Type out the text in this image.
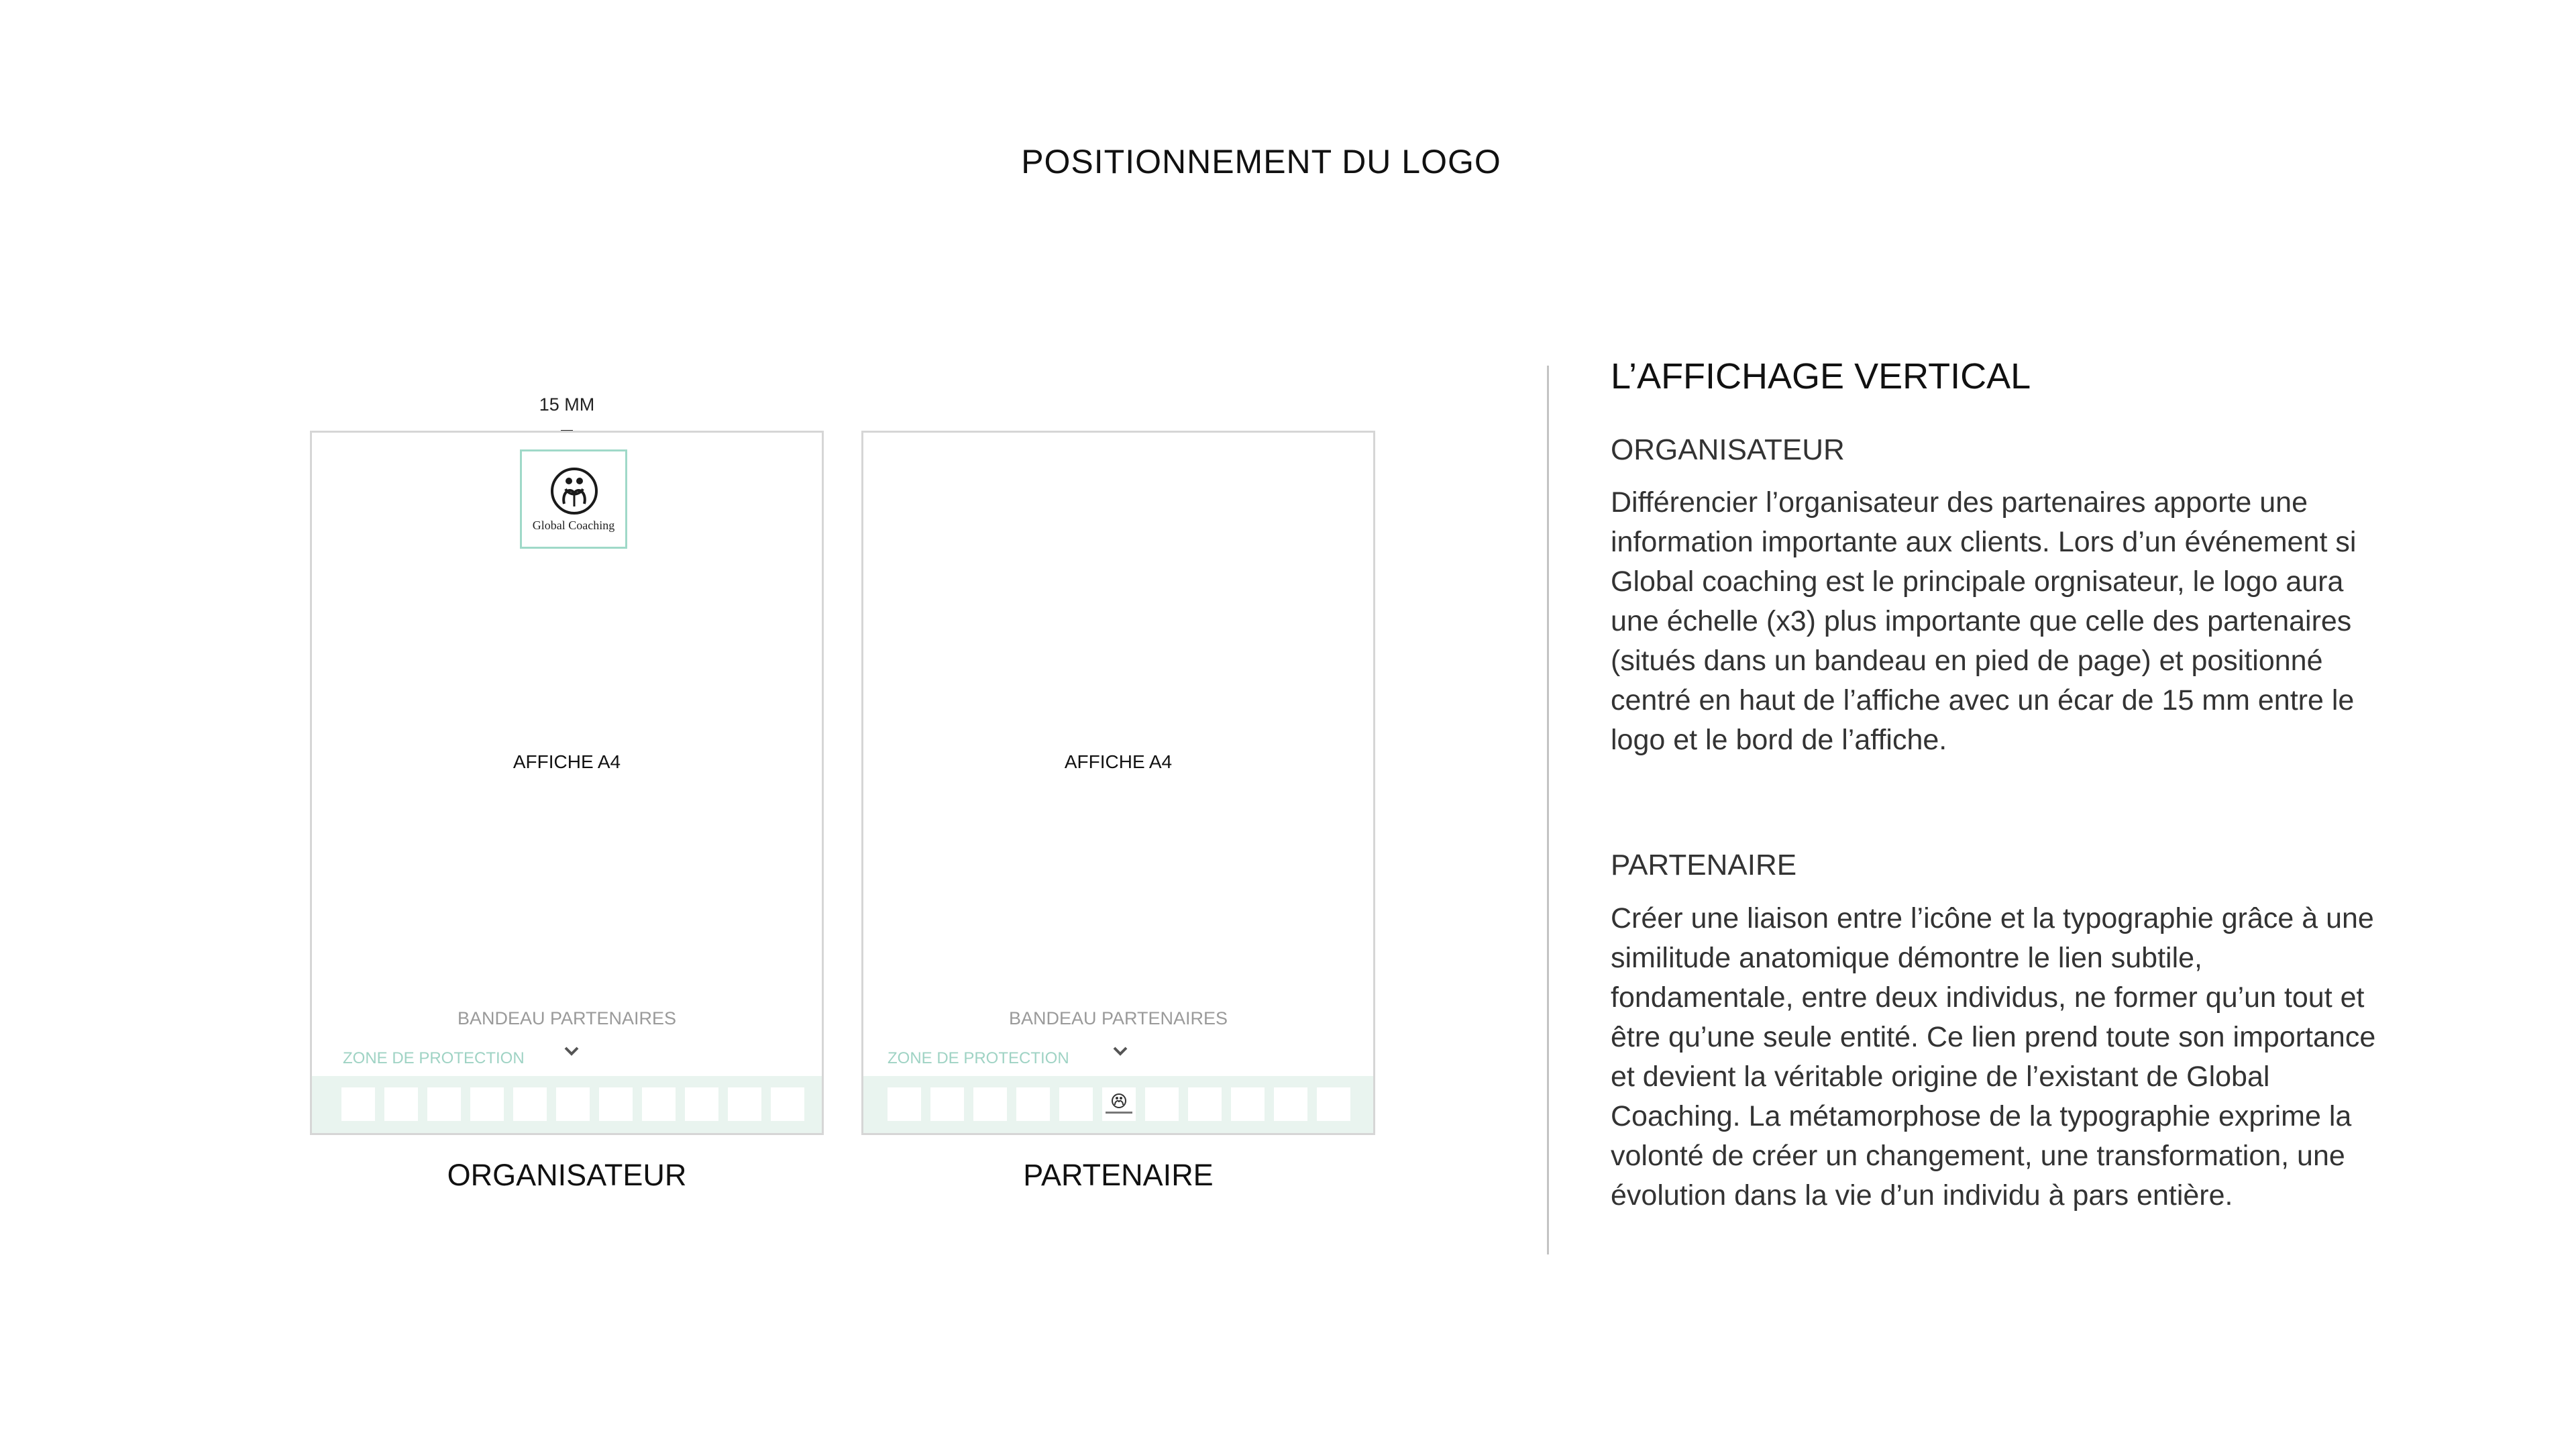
POSITIONNEMENT DU LOGO
15 MM
Global Coaching
AFFICHE A4
BANDEAU PARTENAIRES
ZONE DE PROTECTION
AFFICHE A4
BANDEAU PARTENAIRES
ZONE DE PROTECTION
ORGANISATEUR	PARTENAIRE
L’AFFICHAGE VERTICAL
ORGANISATEUR
Différencier l’organisateur des partenaires apporte une information importante aux clients. Lors d’un événement si Global coaching est le principale orgnisateur, le logo aura une échelle (x3) plus importante que celle des partenaires (situés dans un bandeau en pied de page) et positionné centré en haut de l’affiche avec un écar de 15 mm entre le logo et le bord de l’affiche.
PARTENAIRE
Créer une liaison entre l’icône et la typographie grâce à une similitude anatomique démontre le lien subtile, fondamentale, entre deux individus, ne former qu’un tout et être qu’une seule entité. Ce lien prend toute son importance et devient la véritable origine de l’existant de Global Coaching. La métamorphose de la typographie exprime la volonté de créer un changement, une transformation, une évolution dans la vie d’un individu à pars entière.
